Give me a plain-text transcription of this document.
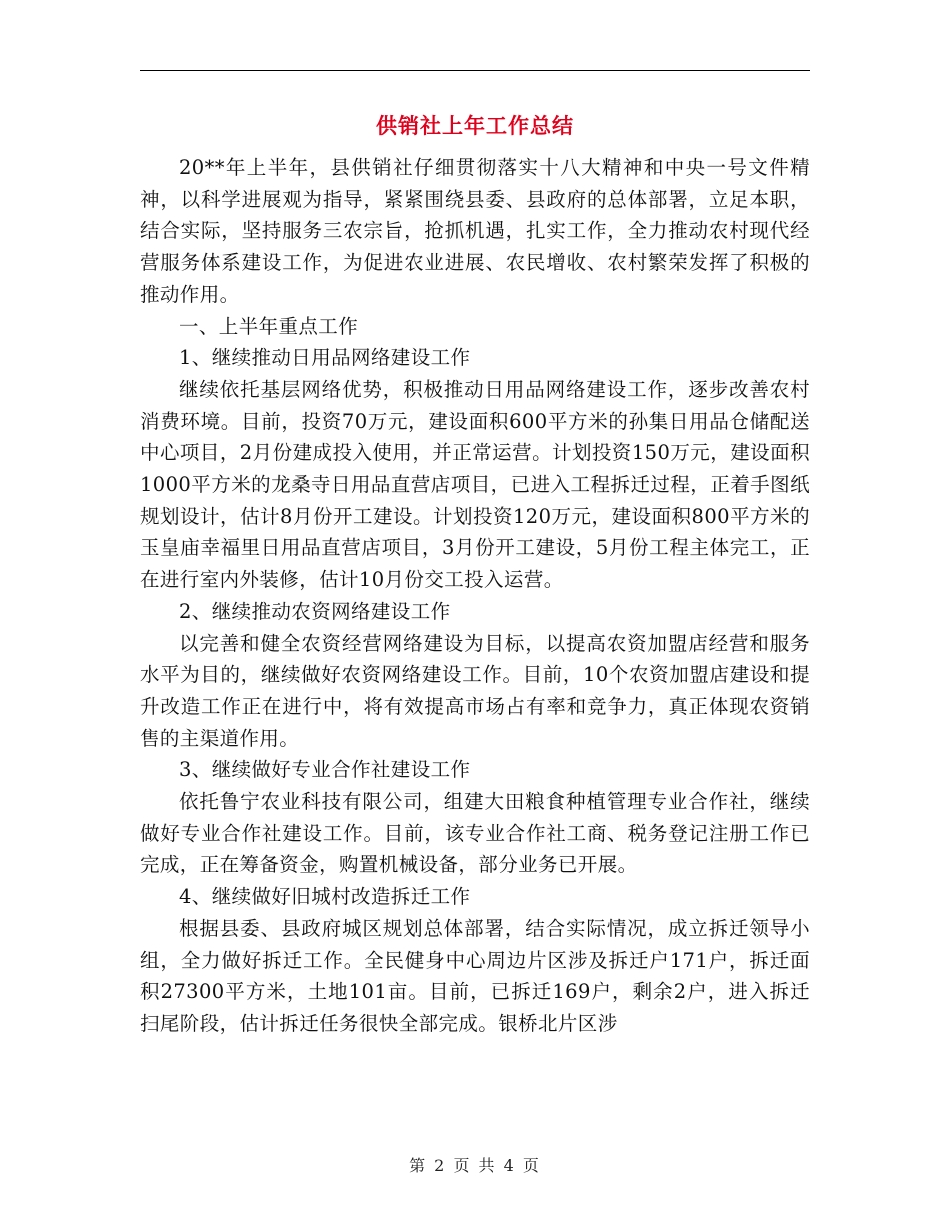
供销社上年工作总结

20**年上半年，县供销社仔细贯彻落实十八大精神和中央一号文件精神，以科学进展观为指导，紧紧围绕县委、县政府的总体部署，立足本职，结合实际，坚持服务三农宗旨，抢抓机遇，扎实工作，全力推动农村现代经营服务体系建设工作，为促进农业进展、农民增收、农村繁荣发挥了积极的推动作用。

一、上半年重点工作

1、继续推动日用品网络建设工作

继续依托基层网络优势，积极推动日用品网络建设工作，逐步改善农村消费环境。目前，投资70万元，建设面积600平方米的孙集日用品仓储配送中心项目，2月份建成投入使用，并正常运营。计划投资150万元，建设面积1000平方米的龙桑寺日用品直营店项目，已进入工程拆迁过程，正着手图纸规划设计，估计8月份开工建设。计划投资120万元，建设面积800平方米的玉皇庙幸福里日用品直营店项目，3月份开工建设，5月份工程主体完工，正在进行室内外装修，估计10月份交工投入运营。

2、继续推动农资网络建设工作

以完善和健全农资经营网络建设为目标，以提高农资加盟店经营和服务水平为目的，继续做好农资网络建设工作。目前，10个农资加盟店建设和提升改造工作正在进行中，将有效提高市场占有率和竞争力，真正体现农资销售的主渠道作用。

3、继续做好专业合作社建设工作

依托鲁宁农业科技有限公司，组建大田粮食种植管理专业合作社，继续做好专业合作社建设工作。目前，该专业合作社工商、税务登记注册工作已完成，正在筹备资金，购置机械设备，部分业务已开展。

4、继续做好旧城村改造拆迁工作

根据县委、县政府城区规划总体部署，结合实际情况，成立拆迁领导小组，全力做好拆迁工作。全民健身中心周边片区涉及拆迁户171户，拆迁面积27300平方米，土地101亩。目前，已拆迁169户，剩余2户，进入拆迁扫尾阶段，估计拆迁任务很快全部完成。银桥北片区涉

第 2 页 共 4 页
